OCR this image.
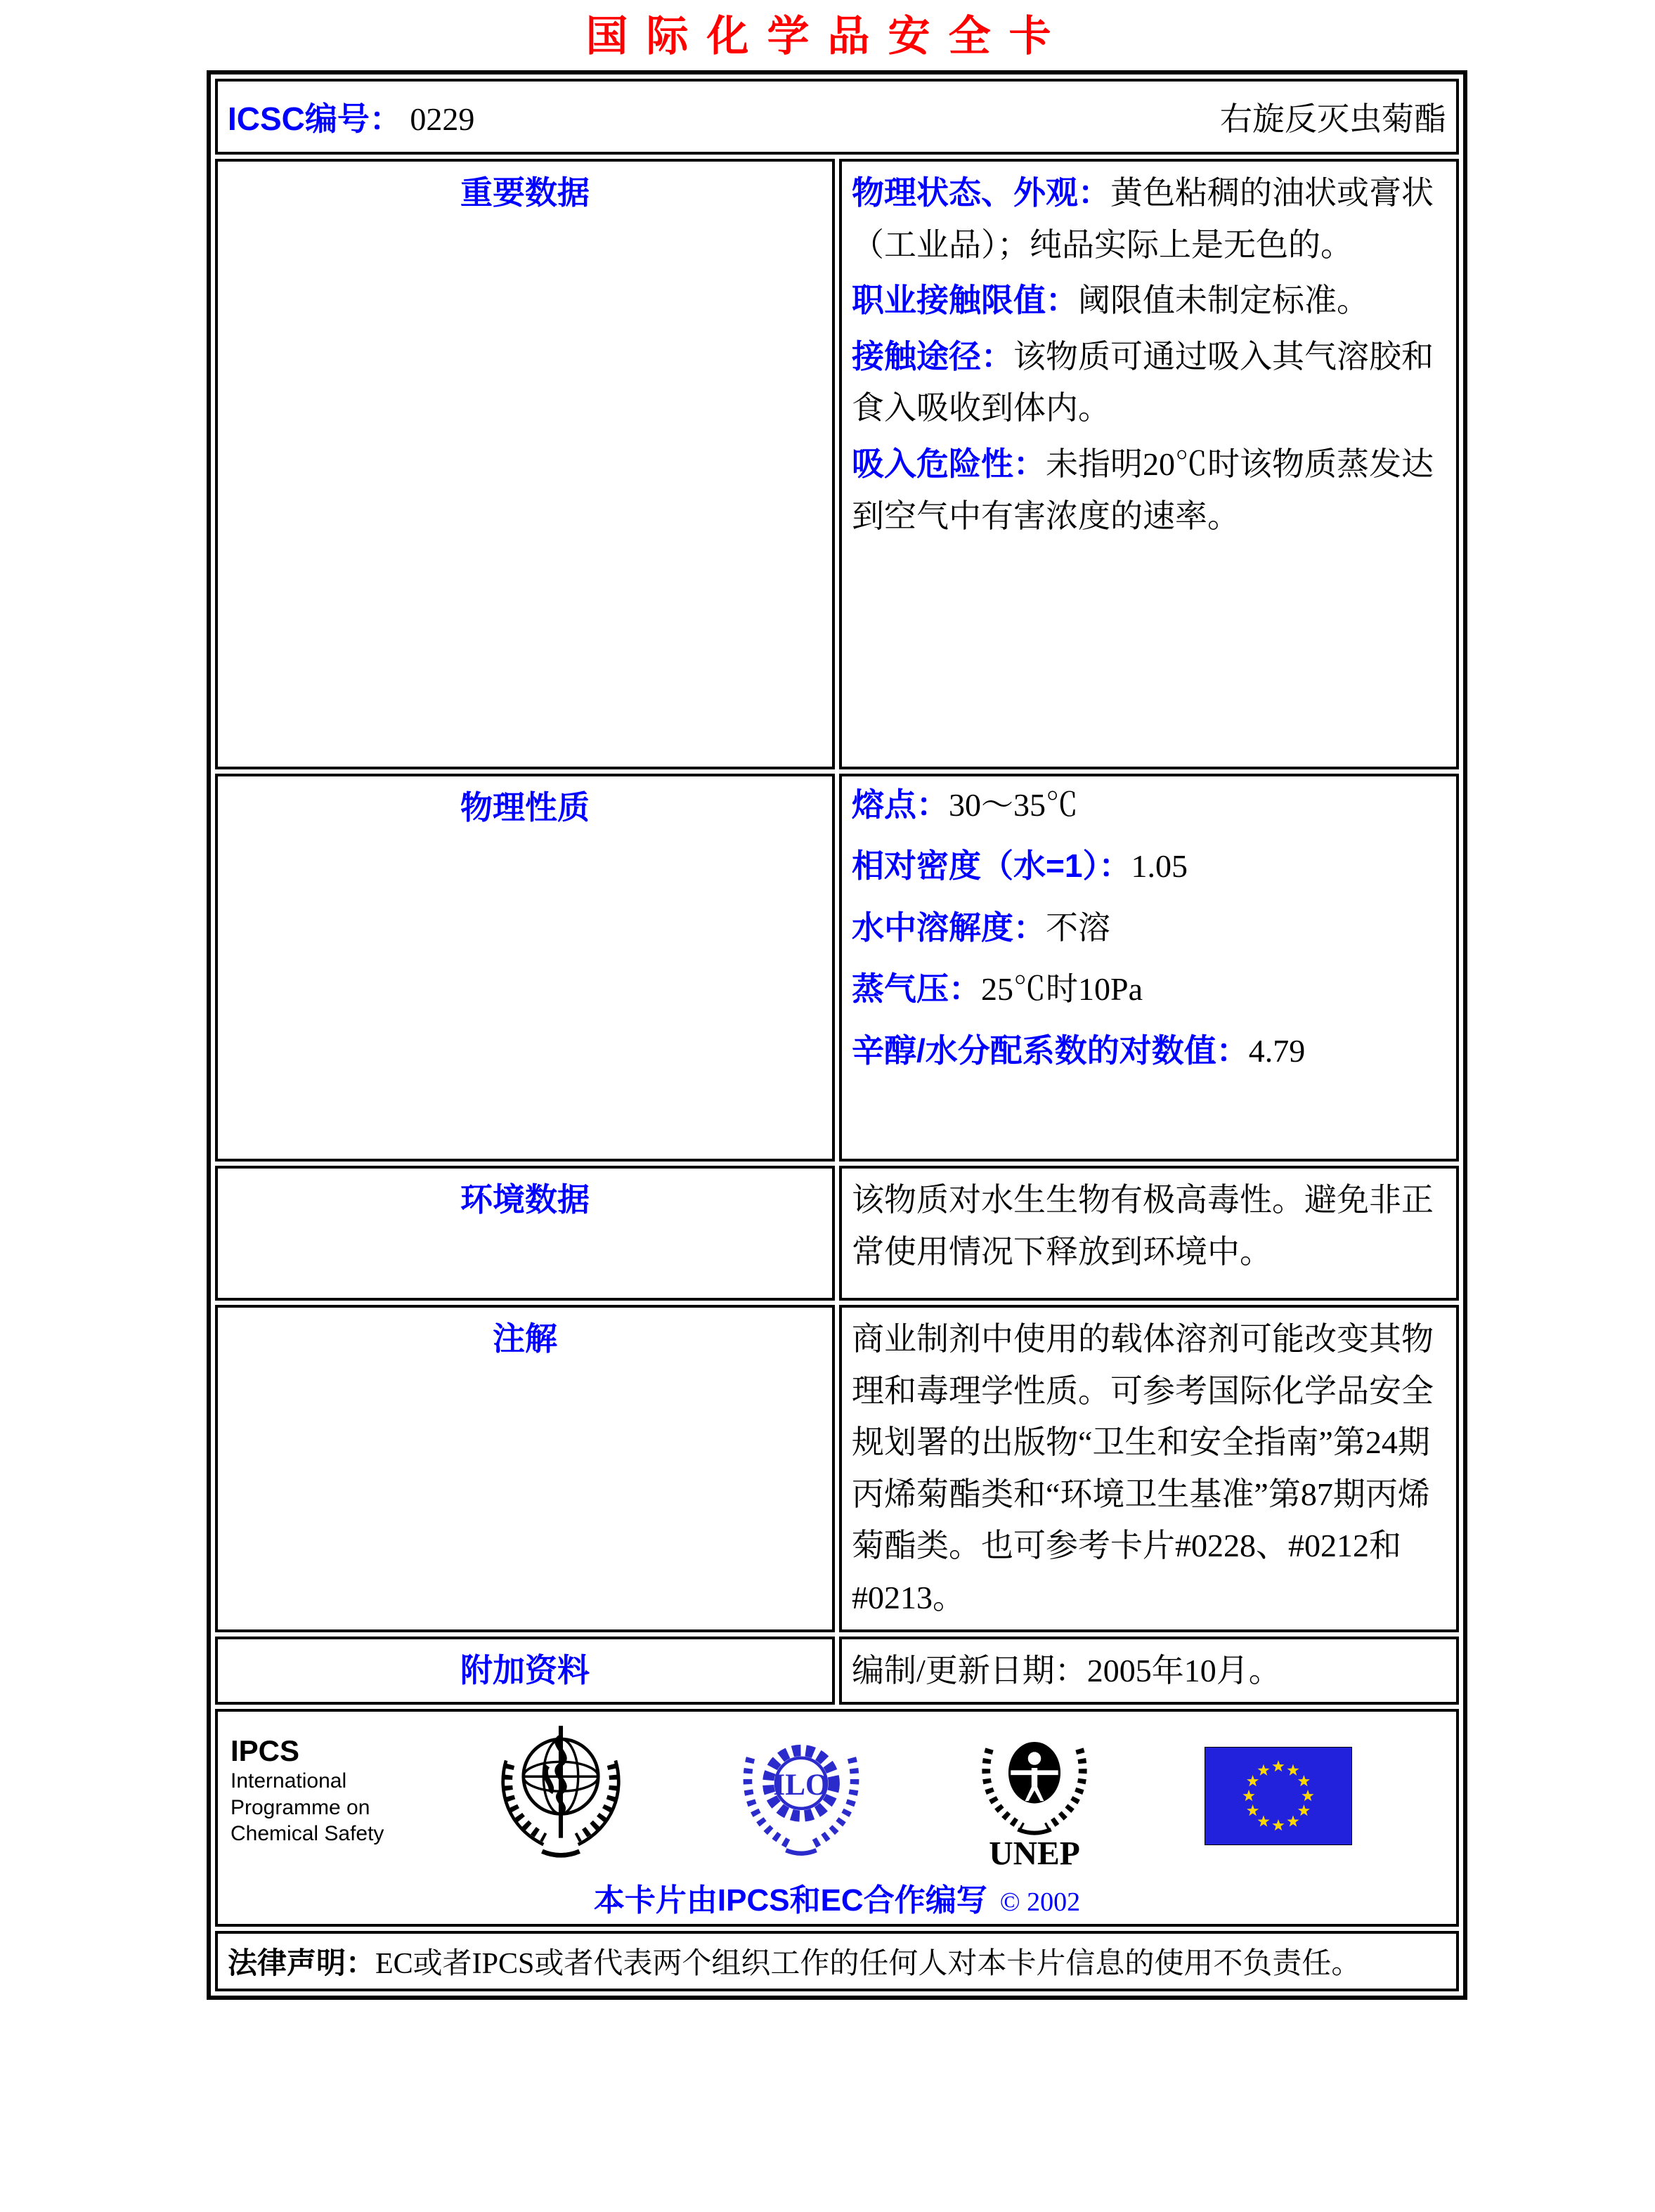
国际化学品安全卡
ICSC编号： 0229 右旋反灭虫菊酯	

重要数据	物理状态、外观：黄色粘稠的油状或膏状（工业品）；纯品实际上是无色的。
职业接触限值：阈限值未制定标准。
接触途径：该物质可通过吸入其气溶胶和食入吸收到体内。
吸入危险性：未指明20℃时该物质蒸发达到空气中有害浓度的速率。

物理性质	熔点：30～35℃
相对密度（水=1）：1.05
水中溶解度：不溶
蒸气压：25℃时10Pa
辛醇/水分配系数的对数值：4.79

环境数据	该物质对水生生物有极高毒性。避免非正常使用情况下释放到环境中。
注解	商业制剂中使用的载体溶剂可能改变其物理和毒理学性质。可参考国际化学品安全规划署的出版物“卫生和安全指南”第24期丙烯菊酯类和“环境卫生基准”第87期丙烯菊酯类。也可参考卡片#0228、#0212和#0213。
附加资料	编制/更新日期：2005年10月。

IPCS
International
Programme on
Chemical Safety
ILO
UNEP
本卡片由IPCS和EC合作编写 © 2002

法律声明：EC或者IPCS或者代表两个组织工作的任何人对本卡片信息的使用不负责任。	
